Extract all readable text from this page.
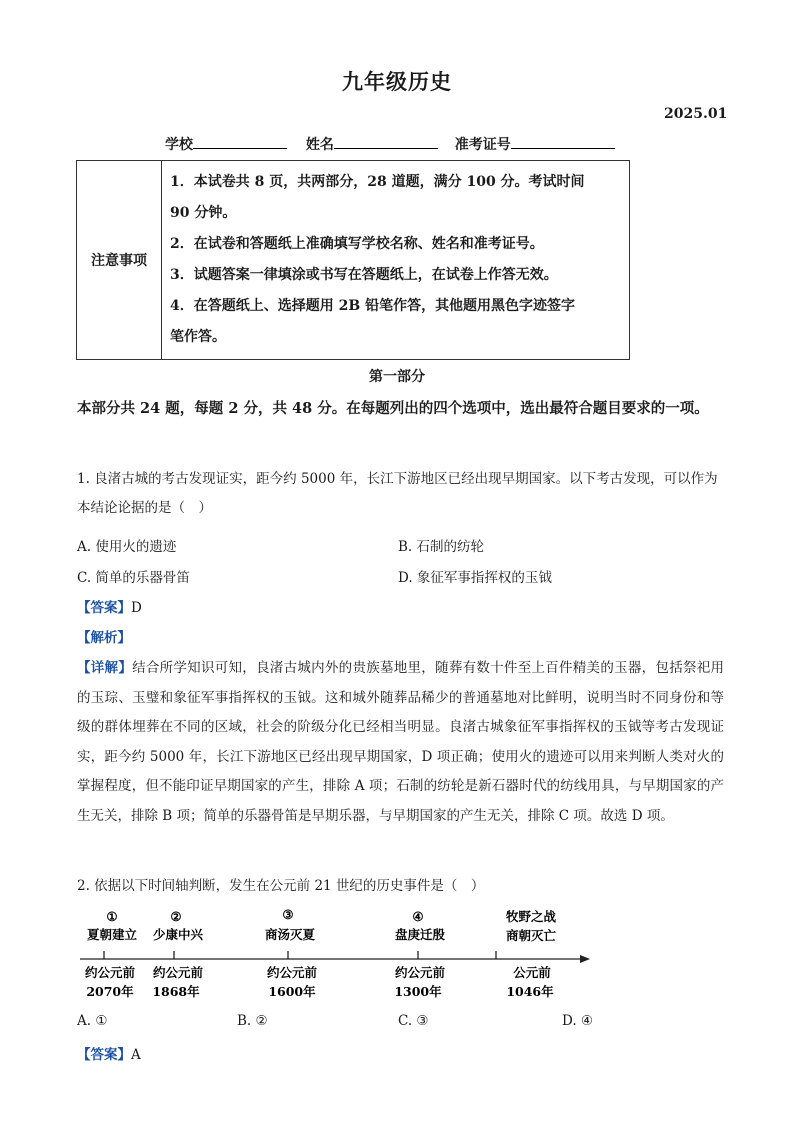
九年级历史
2025.01
学校	姓名	准考证号
注意事项	
1．本试卷共 8 页，共两部分，28 道题，满分 100 分。考试时间
90 分钟。
2．在试卷和答题纸上准确填写学校名称、姓名和准考证号。
3．试题答案一律填涂或书写在答题纸上，在试卷上作答无效。
4．在答题纸上、选择题用 2B 铅笔作答，其他题用黑色字迹签字
笔作答。
第一部分
本部分共 24 题，每题 2 分，共 48 分。在每题列出的四个选项中，选出最符合题目要求的一项。
1. 良渚古城的考古发现证实，距今约 5000 年，长江下游地区已经出现早期国家。以下考古发现，可以作为本结论论据的是（　）
A. 使用火的遗迹	B. 石制的纺轮
C. 简单的乐器骨笛	D. 象征军事指挥权的玉钺
【答案】D
【解析】
【详解】结合所学知识可知，良渚古城内外的贵族墓地里，随葬有数十件至上百件精美的玉器，包括祭祀用的玉琮、玉璧和象征军事指挥权的玉钺。这和城外随葬品稀少的普通墓地对比鲜明，说明当时不同身份和等级的群体埋葬在不同的区域，社会的阶级分化已经相当明显。良渚古城象征军事指挥权的玉钺等考古发现证实，距今约 5000 年，长江下游地区已经出现早期国家，D 项正确；使用火的遗迹可以用来判断人类对火的掌握程度，但不能印证早期国家的产生，排除 A 项；石制的纺轮是新石器时代的纺线用具，与早期国家的产生无关，排除 B 项；简单的乐器骨笛是早期乐器，与早期国家的产生无关，排除 C 项。故选 D 项。
2. 依据以下时间轴判断，发生在公元前 21 世纪的历史事件是（　）
①	②	③	④
夏朝建立 少康中兴	商汤灭夏	盘庚迁殷
牧野之战
商朝灭亡
约公元前 约公元前	约公元前	约公元前	公元前
2070年 1868年	1600年	1300年	1046年
A. ①	B. ②	C. ③	D. ④
【答案】A
